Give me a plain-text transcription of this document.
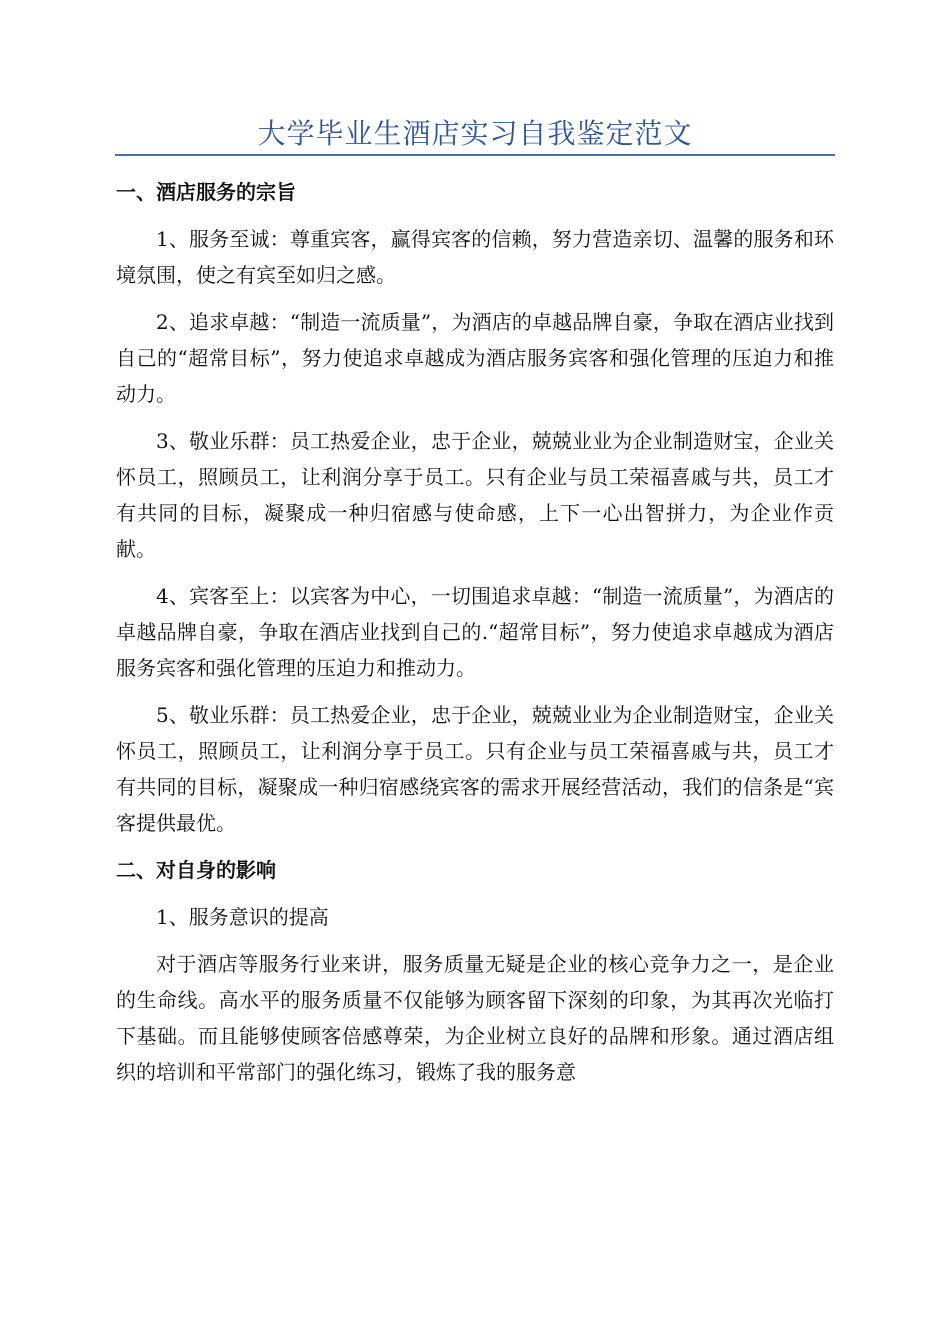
大学毕业生酒店实习自我鉴定范文
一、酒店服务的宗旨

1、服务至诚：尊重宾客，赢得宾客的信赖，努力营造亲切、温馨的服务和环境氛围，使之有宾至如归之感。

2、追求卓越：“制造一流质量”，为酒店的卓越品牌自豪，争取在酒店业找到自己的“超常目标”，努力使追求卓越成为酒店服务宾客和强化管理的压迫力和推动力。

3、敬业乐群：员工热爱企业，忠于企业，兢兢业业为企业制造财宝，企业关怀员工，照顾员工，让利润分享于员工。只有企业与员工荣福喜戚与共，员工才有共同的目标，凝聚成一种归宿感与使命感，上下一心出智拼力，为企业作贡献。

4、宾客至上：以宾客为中心，一切围追求卓越：“制造一流质量”，为酒店的卓越品牌自豪，争取在酒店业找到自己的.“超常目标”，努力使追求卓越成为酒店服务宾客和强化管理的压迫力和推动力。

5、敬业乐群：员工热爱企业，忠于企业，兢兢业业为企业制造财宝，企业关怀员工，照顾员工，让利润分享于员工。只有企业与员工荣福喜戚与共，员工才有共同的目标，凝聚成一种归宿感绕宾客的需求开展经营活动，我们的信条是“宾客提供最优。

二、对自身的影响

1、服务意识的提高

对于酒店等服务行业来讲，服务质量无疑是企业的核心竞争力之一，是企业的生命线。高水平的服务质量不仅能够为顾客留下深刻的印象，为其再次光临打下基础。而且能够使顾客倍感尊荣，为企业树立良好的品牌和形象。通过酒店组织的培训和平常部门的强化练习，锻炼了我的服务意
